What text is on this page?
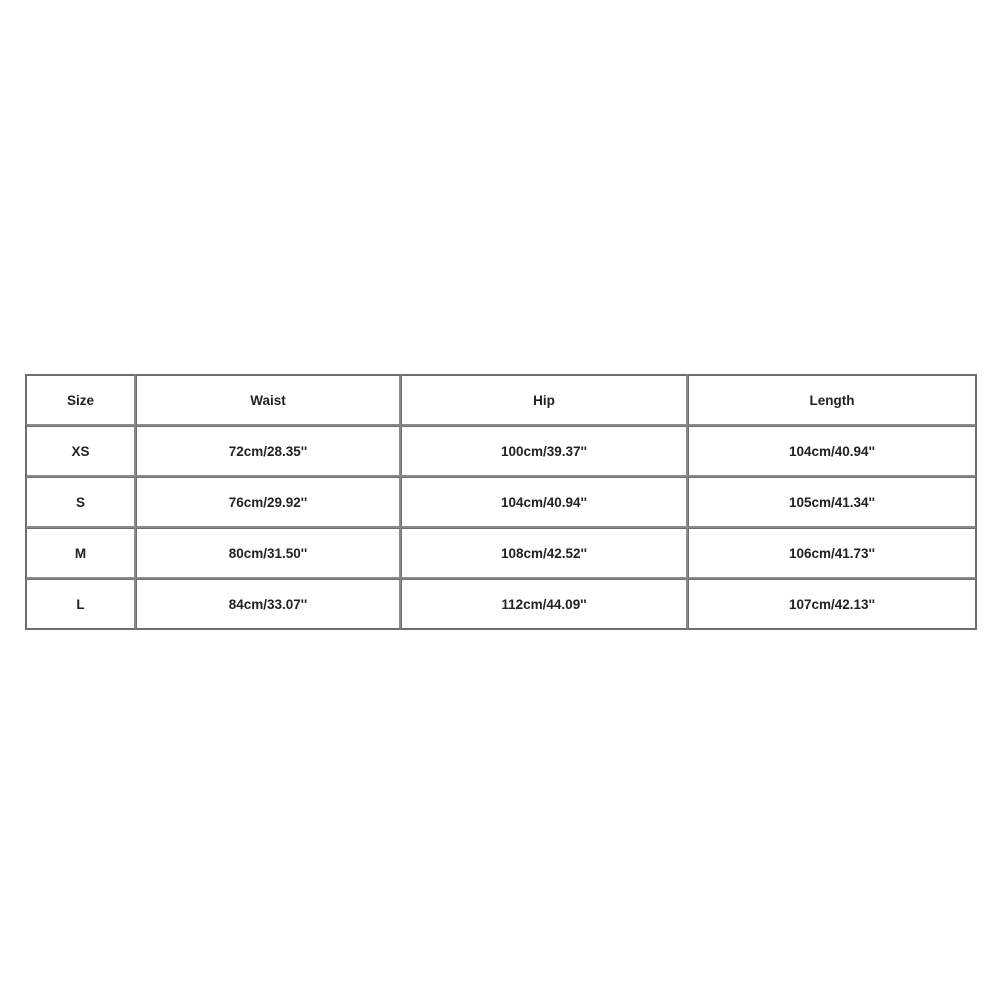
Size	Waist	Hip	Length
XS	72cm/28.35''	100cm/39.37''	104cm/40.94''
S	76cm/29.92''	104cm/40.94''	105cm/41.34''
M	80cm/31.50''	108cm/42.52''	106cm/41.73''
L	84cm/33.07''	112cm/44.09''	107cm/42.13''
